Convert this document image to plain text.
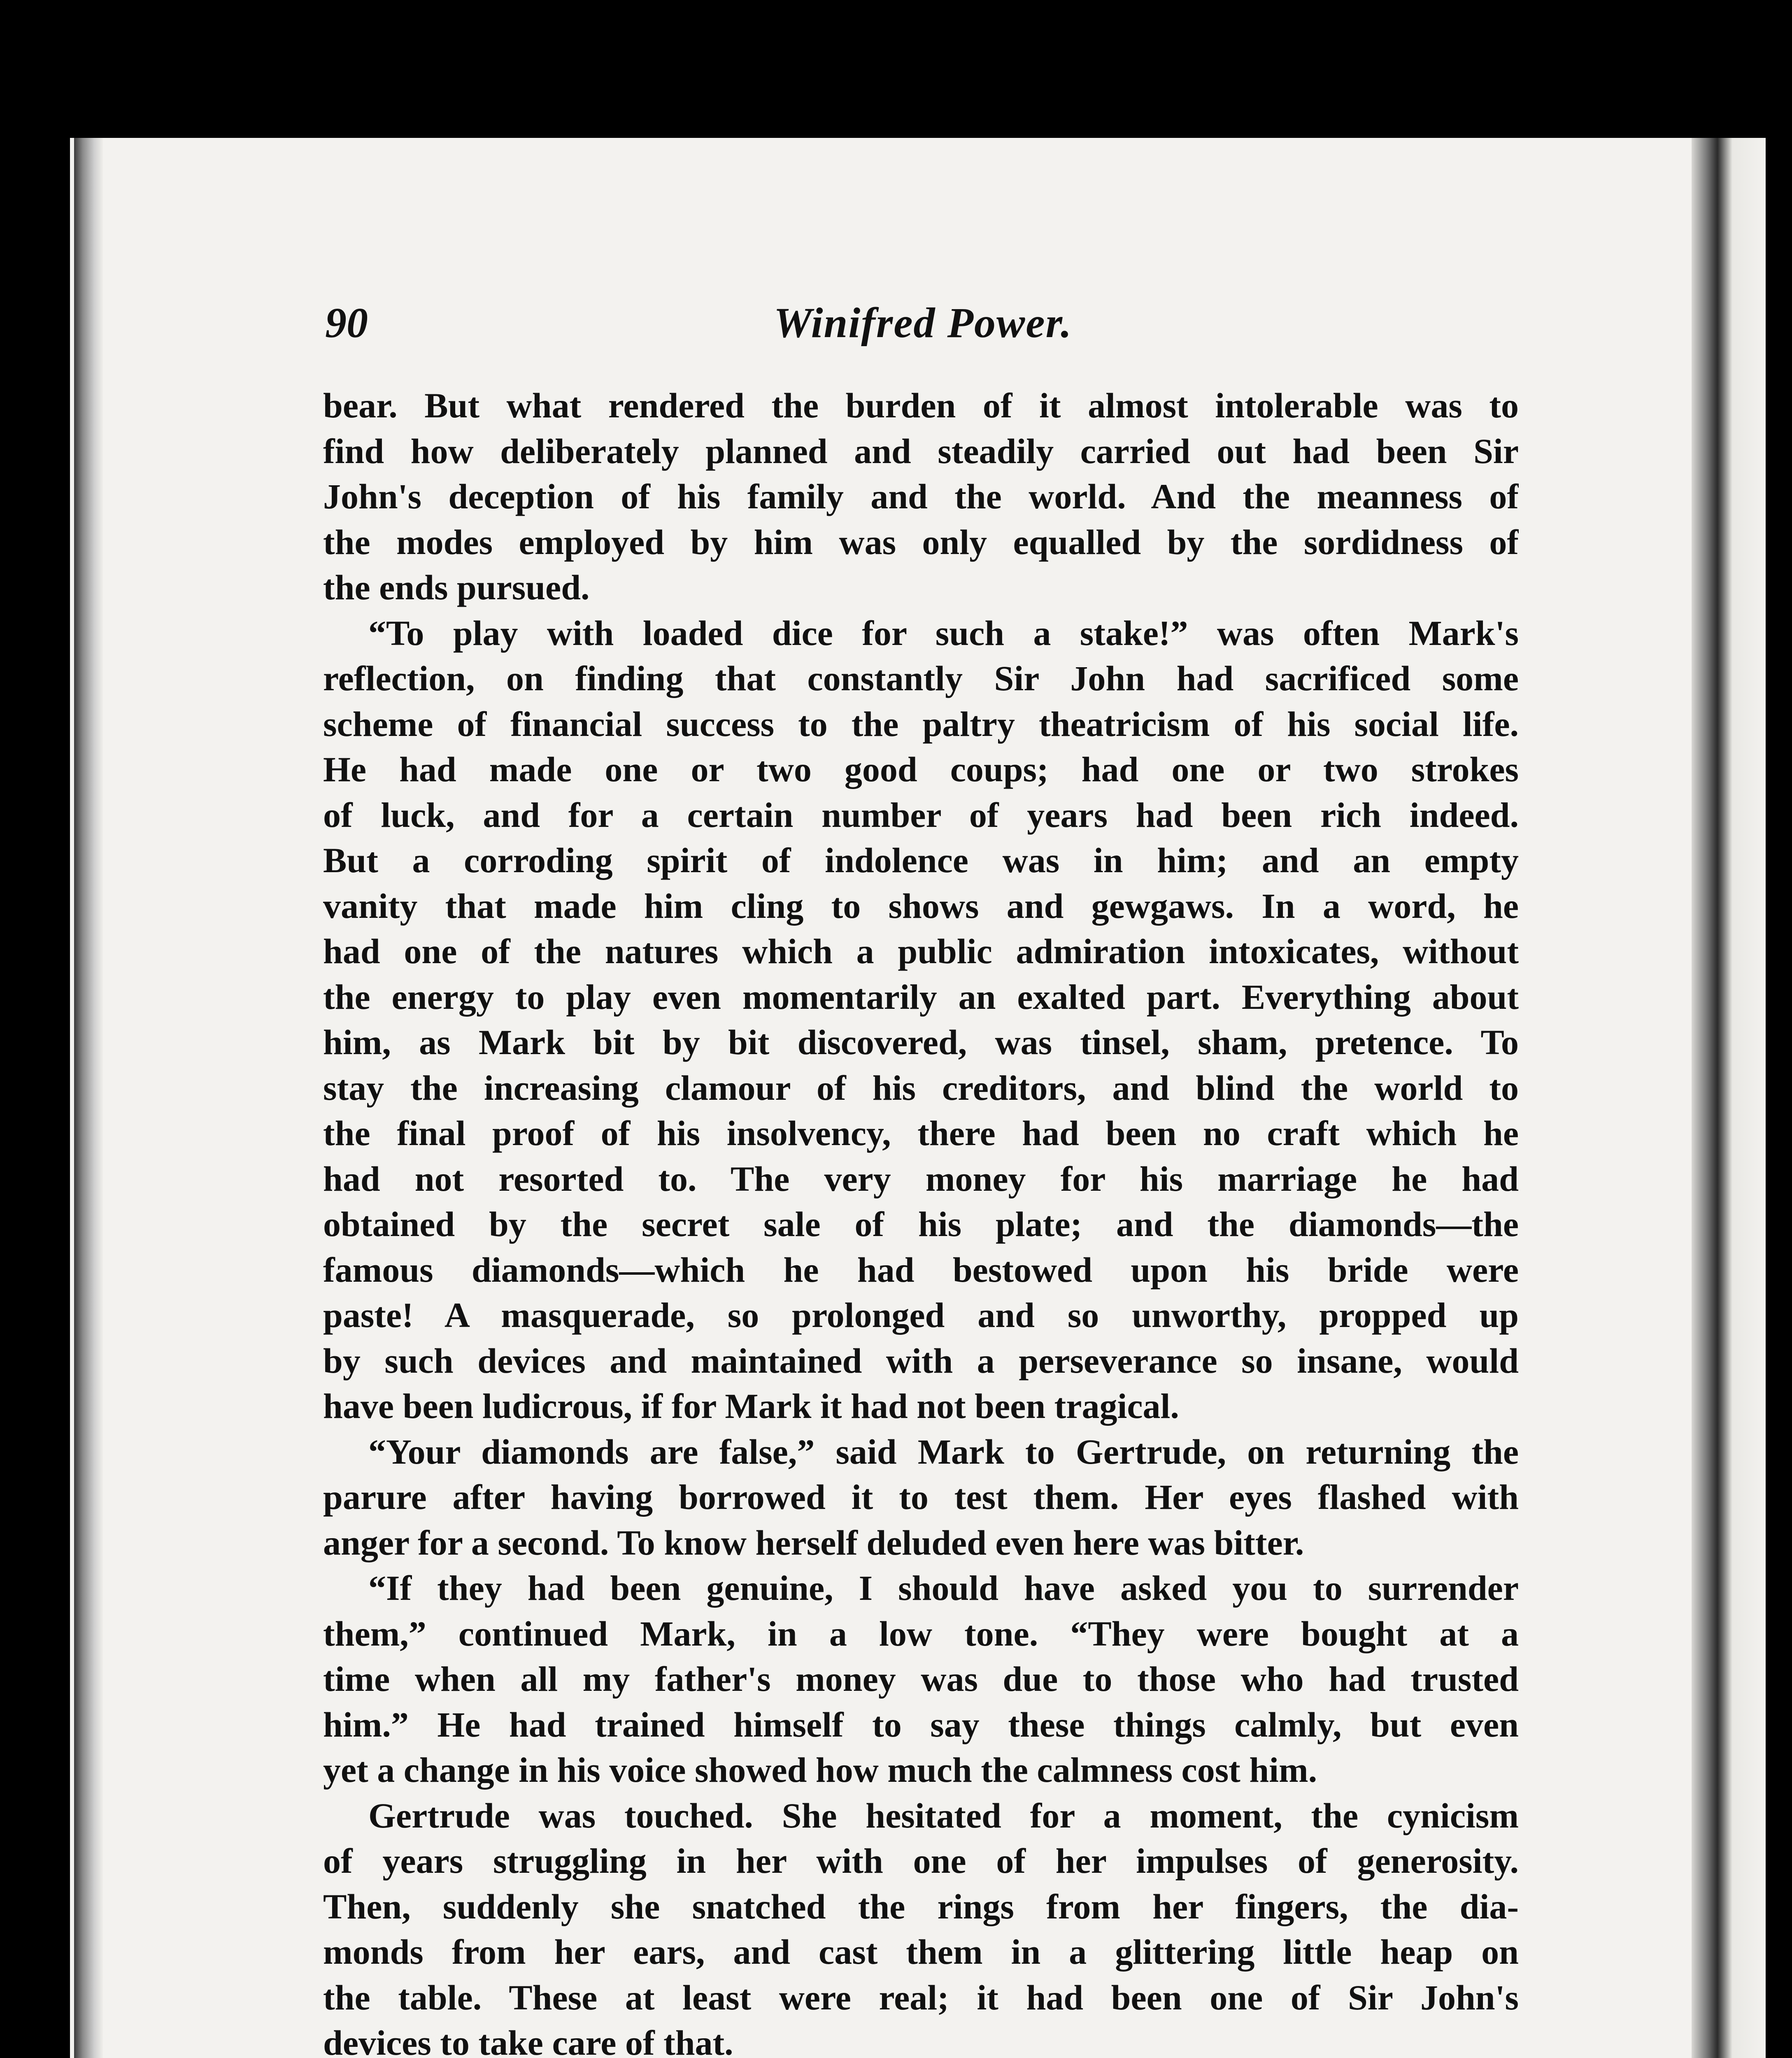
90	Winifred Power.
bear. But what rendered the burden of it almost intolerable was to
find how deliberately planned and steadily carried out had been Sir
John's deception of his family and the world. And the meanness of
the modes employed by him was only equalled by the sordidness of
the ends pursued.
“To play with loaded dice for such a stake!” was often Mark's
reflection, on finding that constantly Sir John had sacrificed some
scheme of financial success to the paltry theatricism of his social life.
He had made one or two good coups; had one or two strokes
of luck, and for a certain number of years had been rich indeed.
But a corroding spirit of indolence was in him; and an empty
vanity that made him cling to shows and gewgaws. In a word, he
had one of the natures which a public admiration intoxicates, without
the energy to play even momentarily an exalted part. Everything about
him, as Mark bit by bit discovered, was tinsel, sham, pretence. To
stay the increasing clamour of his creditors, and blind the world to
the final proof of his insolvency, there had been no craft which he
had not resorted to. The very money for his marriage he had
obtained by the secret sale of his plate; and the diamonds—the
famous diamonds—which he had bestowed upon his bride were
paste! A masquerade, so prolonged and so unworthy, propped up
by such devices and maintained with a perseverance so insane, would
have been ludicrous, if for Mark it had not been tragical.
“Your diamonds are false,” said Mark to Gertrude, on returning the
parure after having borrowed it to test them. Her eyes flashed with
anger for a second. To know herself deluded even here was bitter.
“If they had been genuine, I should have asked you to surrender
them,” continued Mark, in a low tone. “They were bought at a
time when all my father's money was due to those who had trusted
him.” He had trained himself to say these things calmly, but even
yet a change in his voice showed how much the calmness cost him.
Gertrude was touched. She hesitated for a moment, the cynicism
of years struggling in her with one of her impulses of generosity.
Then, suddenly she snatched the rings from her fingers, the dia-
monds from her ears, and cast them in a glittering little heap on
the table. These at least were real; it had been one of Sir John's
devices to take care of that.
